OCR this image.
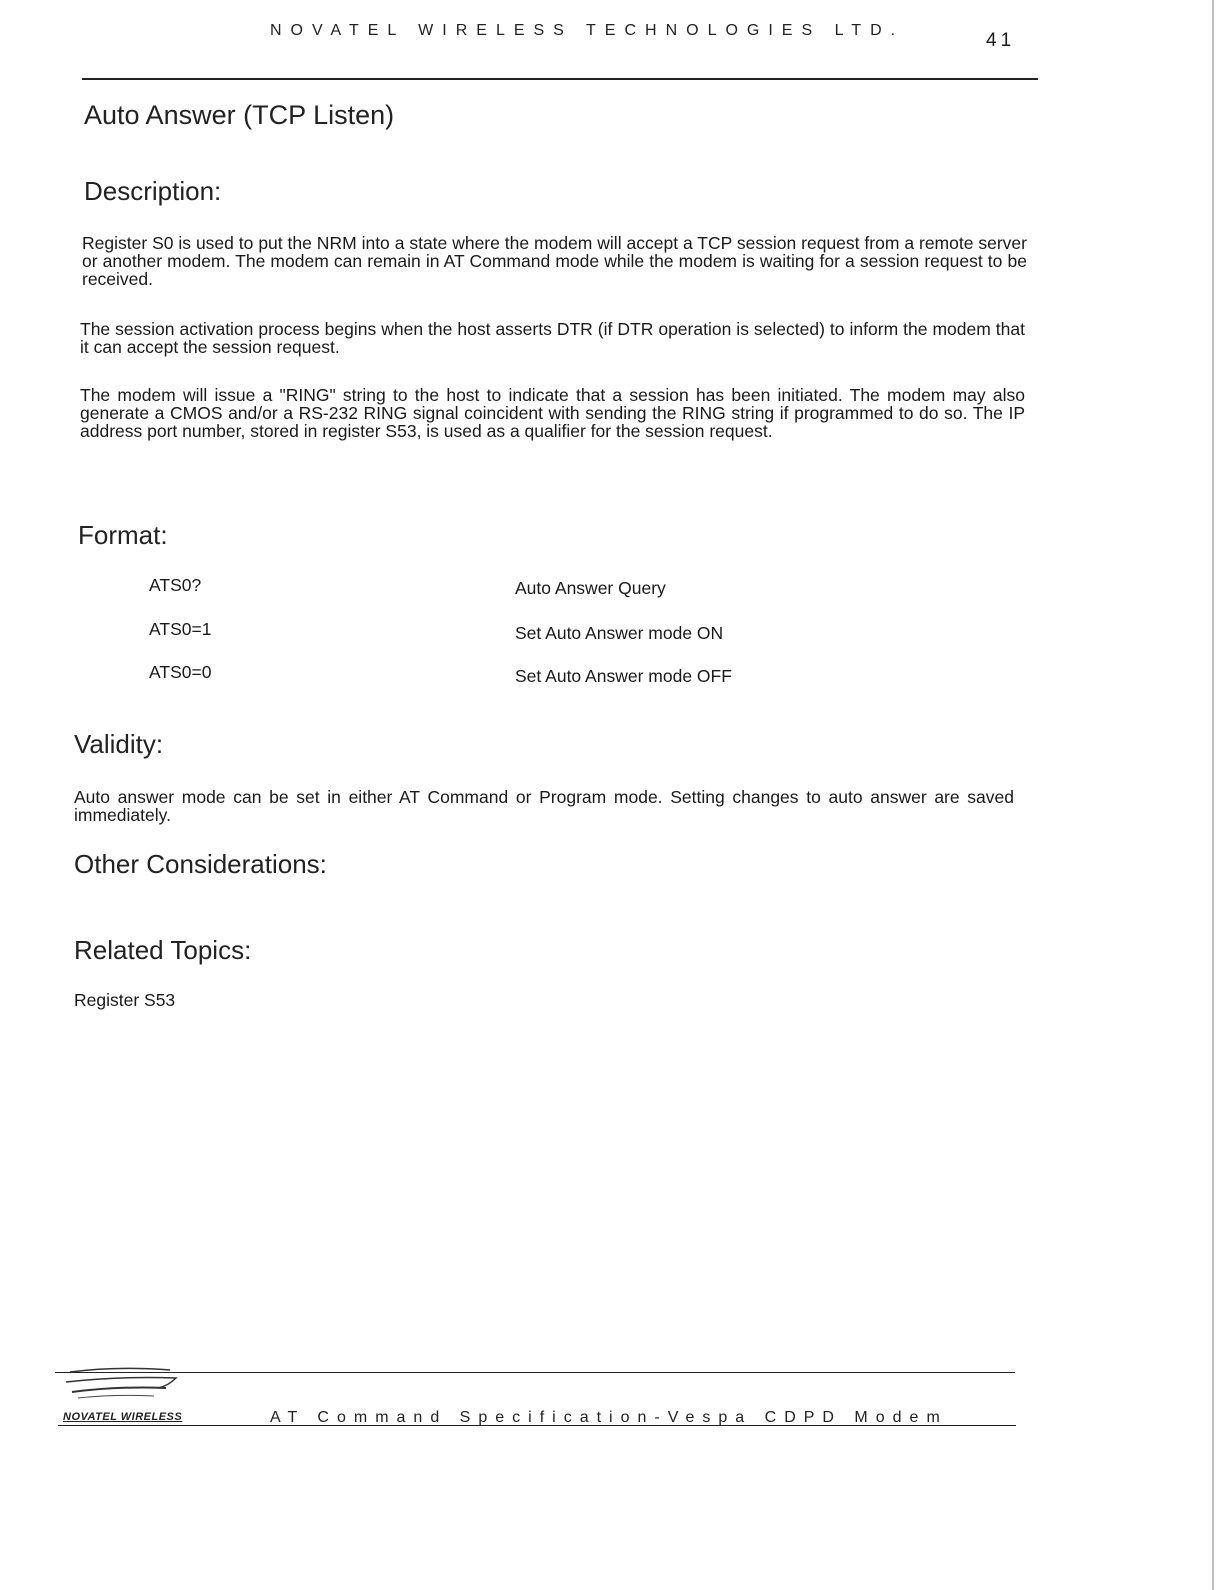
NOVATEL WIRELESS TECHNOLOGIES LTD.	41
Auto Answer (TCP Listen)
Description:
Register S0 is used to put the NRM into a state where the modem will accept a TCP session request from a remote server or another modem. The modem can remain in AT Command mode while the modem is waiting for a session request to be received.
The session activation process begins when the host asserts DTR (if DTR operation is selected) to inform the modem that it can accept the session request.
The modem will issue a "RING" string to the host to indicate that a session has been initiated. The modem may also generate a CMOS and/or a RS-232 RING signal coincident with sending the RING string if programmed to do so. The IP address port number, stored in register S53, is used as a qualifier for the session request.
Format:
ATS0?	Auto Answer Query
ATS0=1	Set Auto Answer mode ON
ATS0=0	Set Auto Answer mode OFF
Validity:
Auto answer mode can be set in either AT Command or Program mode. Setting changes to auto answer are saved immediately.
Other Considerations:
Related Topics:
Register S53
NOVATEL WIRELESS	AT Command Specification-Vespa CDPD Modem
